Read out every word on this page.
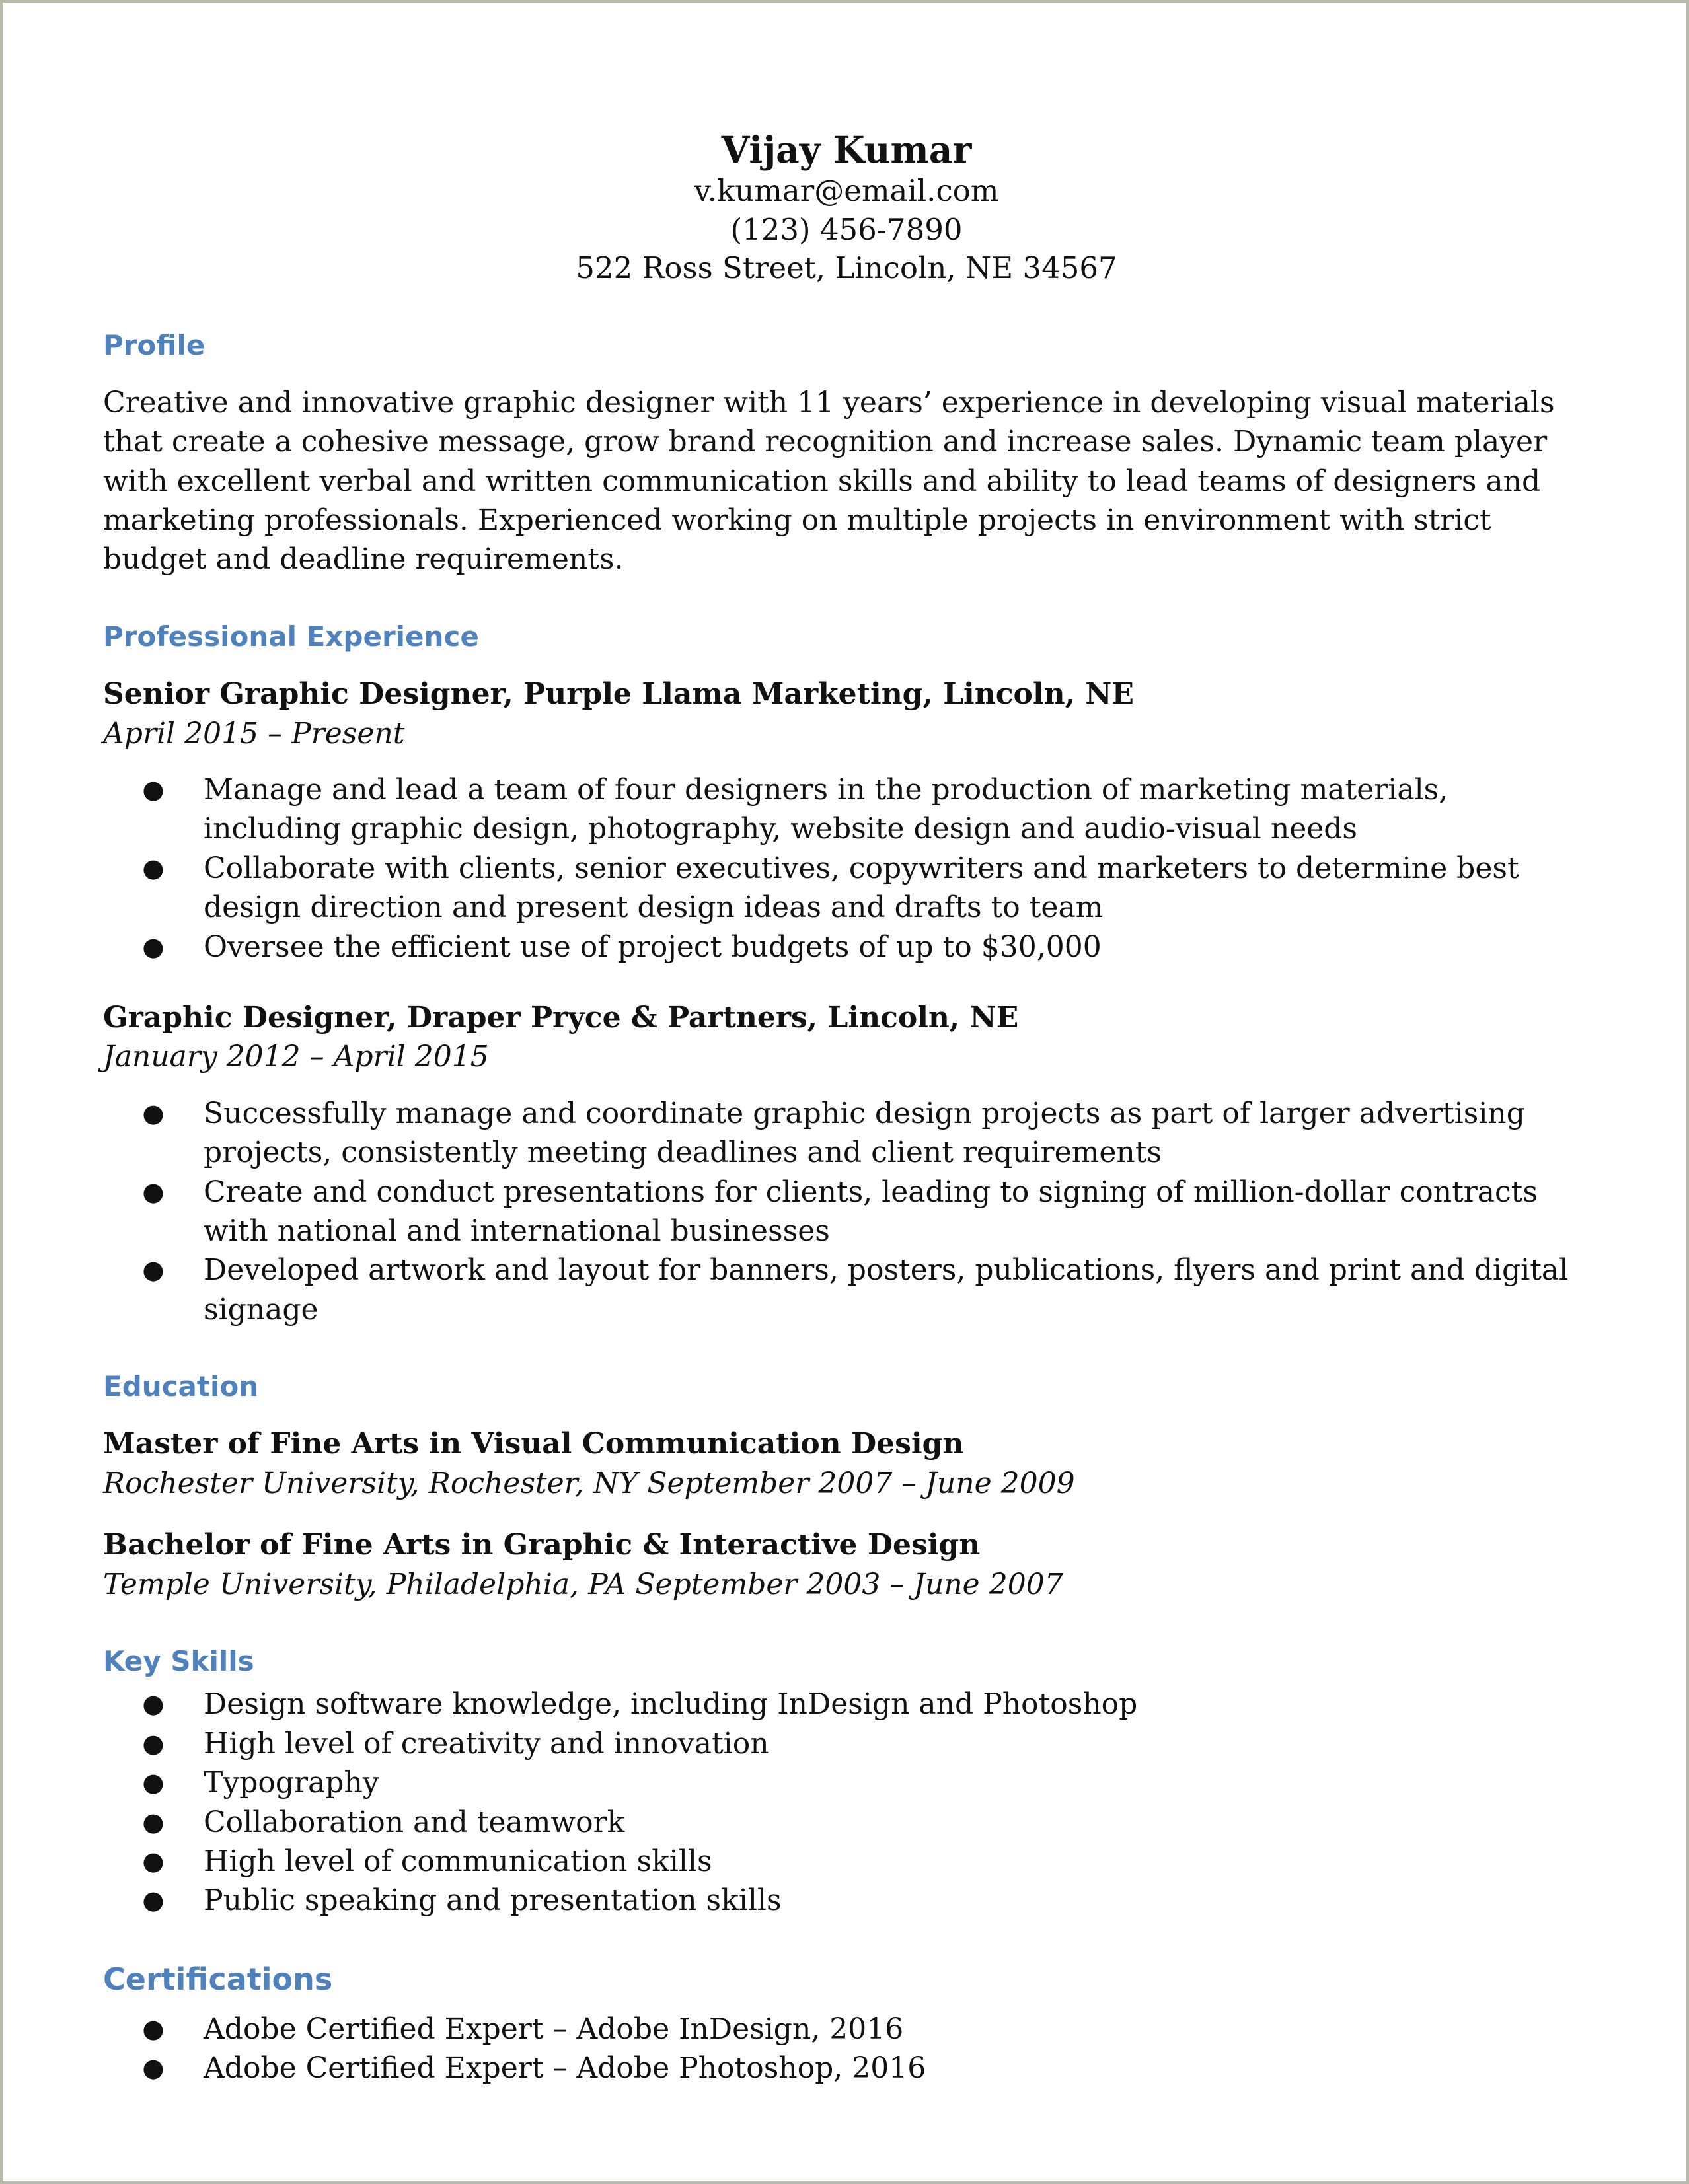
Vijay Kumar
v.kumar@email.com
(123) 456-7890
522 Ross Street, Lincoln, NE 34567
Profile

Creative and innovative graphic designer with 11 years’ experience in developing visual materials that create a cohesive message, grow brand recognition and increase sales. Dynamic team player with excellent verbal and written communication skills and ability to lead teams of designers and marketing professionals. Experienced working on multiple projects in environment with strict budget and deadline requirements.

Professional Experience
Senior Graphic Designer, Purple Llama Marketing, Lincoln, NE
April 2015 – Present
●	Manage and lead a team of four designers in the production of marketing materials, including graphic design, photography, website design and audio-visual needs
●	Collaborate with clients, senior executives, copywriters and marketers to determine best design direction and present design ideas and drafts to team
●	Oversee the efficient use of project budgets of up to $30,000
Graphic Designer, Draper Pryce & Partners, Lincoln, NE
January 2012 – April 2015
●	Successfully manage and coordinate graphic design projects as part of larger advertising projects, consistently meeting deadlines and client requirements
●	Create and conduct presentations for clients, leading to signing of million-dollar contracts with national and international businesses
●	Developed artwork and layout for banners, posters, publications, flyers and print and digital signage
Education
Master of Fine Arts in Visual Communication Design
Rochester University, Rochester, NY September 2007 – June 2009
Bachelor of Fine Arts in Graphic & Interactive Design
Temple University, Philadelphia, PA September 2003 – June 2007
Key Skills
●	Design software knowledge, including InDesign and Photoshop
●	High level of creativity and innovation
●	Typography
●	Collaboration and teamwork
●	High level of communication skills
●	Public speaking and presentation skills
Certifications
●	Adobe Certified Expert – Adobe InDesign, 2016
●	Adobe Certified Expert – Adobe Photoshop, 2016
